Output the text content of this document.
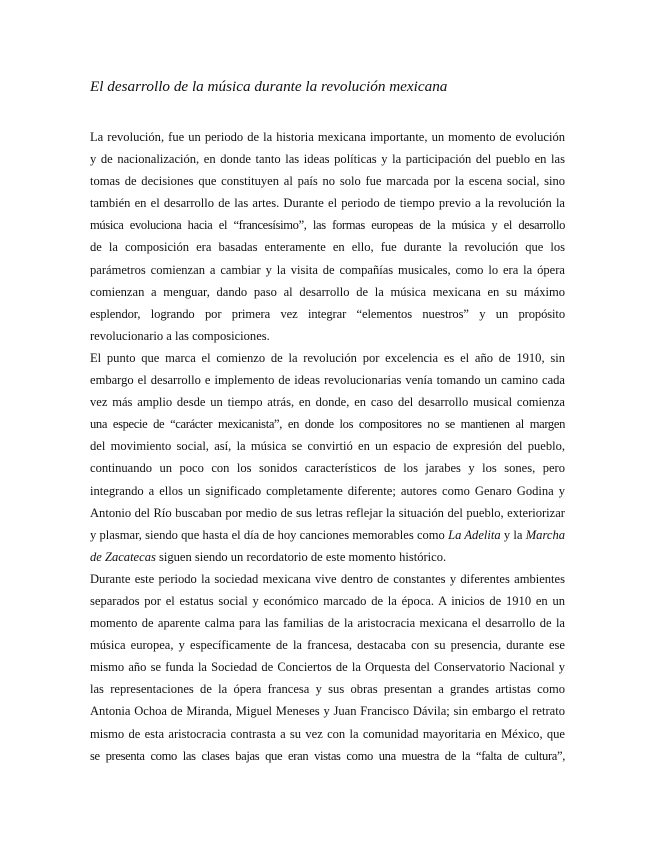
El desarrollo de la música durante la revolución mexicana
La revolución, fue un periodo de la historia mexicana importante, un momento de evolución
y de nacionalización, en donde tanto las ideas políticas y la participación del pueblo en las
tomas de decisiones que constituyen al país no solo fue marcada por la escena social, sino
también en el desarrollo de las artes. Durante el periodo de tiempo previo a la revolución la
música evoluciona hacia el “francesísimo”, las formas europeas de la música y el desarrollo
de la composición era basadas enteramente en ello, fue durante la revolución que los
parámetros comienzan a cambiar y la visita de compañías musicales, como lo era la ópera
comienzan a menguar, dando paso al desarrollo de la música mexicana en su máximo
esplendor, logrando por primera vez integrar “elementos nuestros” y un propósito
revolucionario a las composiciones.
El punto que marca el comienzo de la revolución por excelencia es el año de 1910, sin
embargo el desarrollo e implemento de ideas revolucionarias venía tomando un camino cada
vez más amplio desde un tiempo atrás, en donde, en caso del desarrollo musical comienza
una especie de “carácter mexicanista”, en donde los compositores no se mantienen al margen
del movimiento social, así, la música se convirtió en un espacio de expresión del pueblo,
continuando un poco con los sonidos característicos de los jarabes y los sones, pero
integrando a ellos un significado completamente diferente; autores como Genaro Godina y
Antonio del Río buscaban por medio de sus letras reflejar la situación del pueblo, exteriorizar
y plasmar, siendo que hasta el día de hoy canciones memorables como La Adelita y la Marcha
de Zacatecas siguen siendo un recordatorio de este momento histórico.
Durante este periodo la sociedad mexicana vive dentro de constantes y diferentes ambientes
separados por el estatus social y económico marcado de la época. A inicios de 1910 en un
momento de aparente calma para las familias de la aristocracia mexicana el desarrollo de la
música europea, y específicamente de la francesa, destacaba con su presencia, durante ese
mismo año se funda la Sociedad de Conciertos de la Orquesta del Conservatorio Nacional y
las representaciones de la ópera francesa y sus obras presentan a grandes artistas como
Antonia Ochoa de Miranda, Miguel Meneses y Juan Francisco Dávila; sin embargo el retrato
mismo de esta aristocracia contrasta a su vez con la comunidad mayoritaria en México, que
se presenta como las clases bajas que eran vistas como una muestra de la “falta de cultura”,
